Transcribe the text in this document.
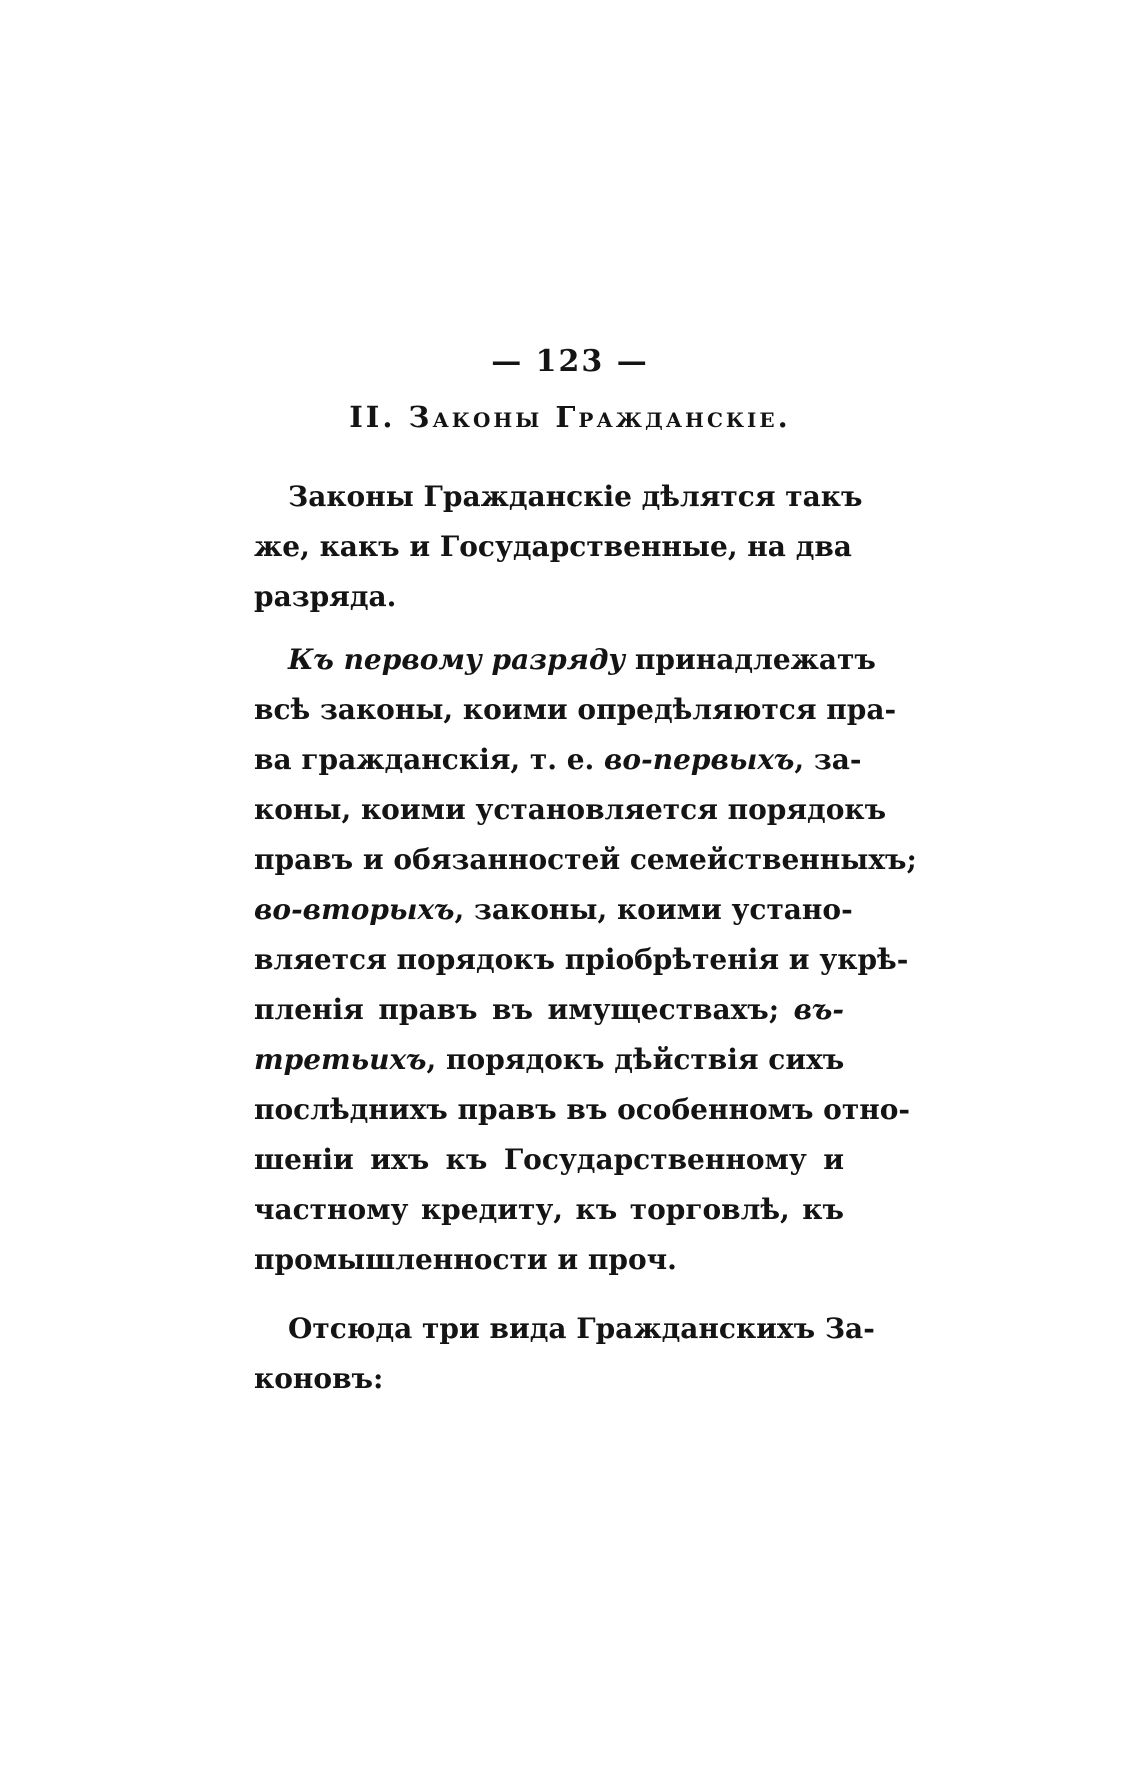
— 123 —
II. Законы Гражданскіе.
Законы Гражданскіе дѣлятся такъ
же, какъ и Государственные, на два
разряда.
Къ первому разряду принадлежатъ
всѣ законы, коими опредѣляются пра-
ва гражданскія, т. е. во-первыхъ, за-
коны, коими установляется порядокъ
правъ и обязанностей семейственныхъ;
во-вторыхъ, законы, коими устано-
вляется порядокъ пріобрѣтенія и укрѣ-
пленія правъ въ имуществахъ; въ-
третьихъ, порядокъ дѣйствія сихъ
послѣднихъ правъ въ особенномъ отно-
шеніи ихъ къ Государственному и
частному кредиту, къ торговлѣ, къ
промышленности и проч.
Отсюда три вида Гражданскихъ За-
коновъ:
